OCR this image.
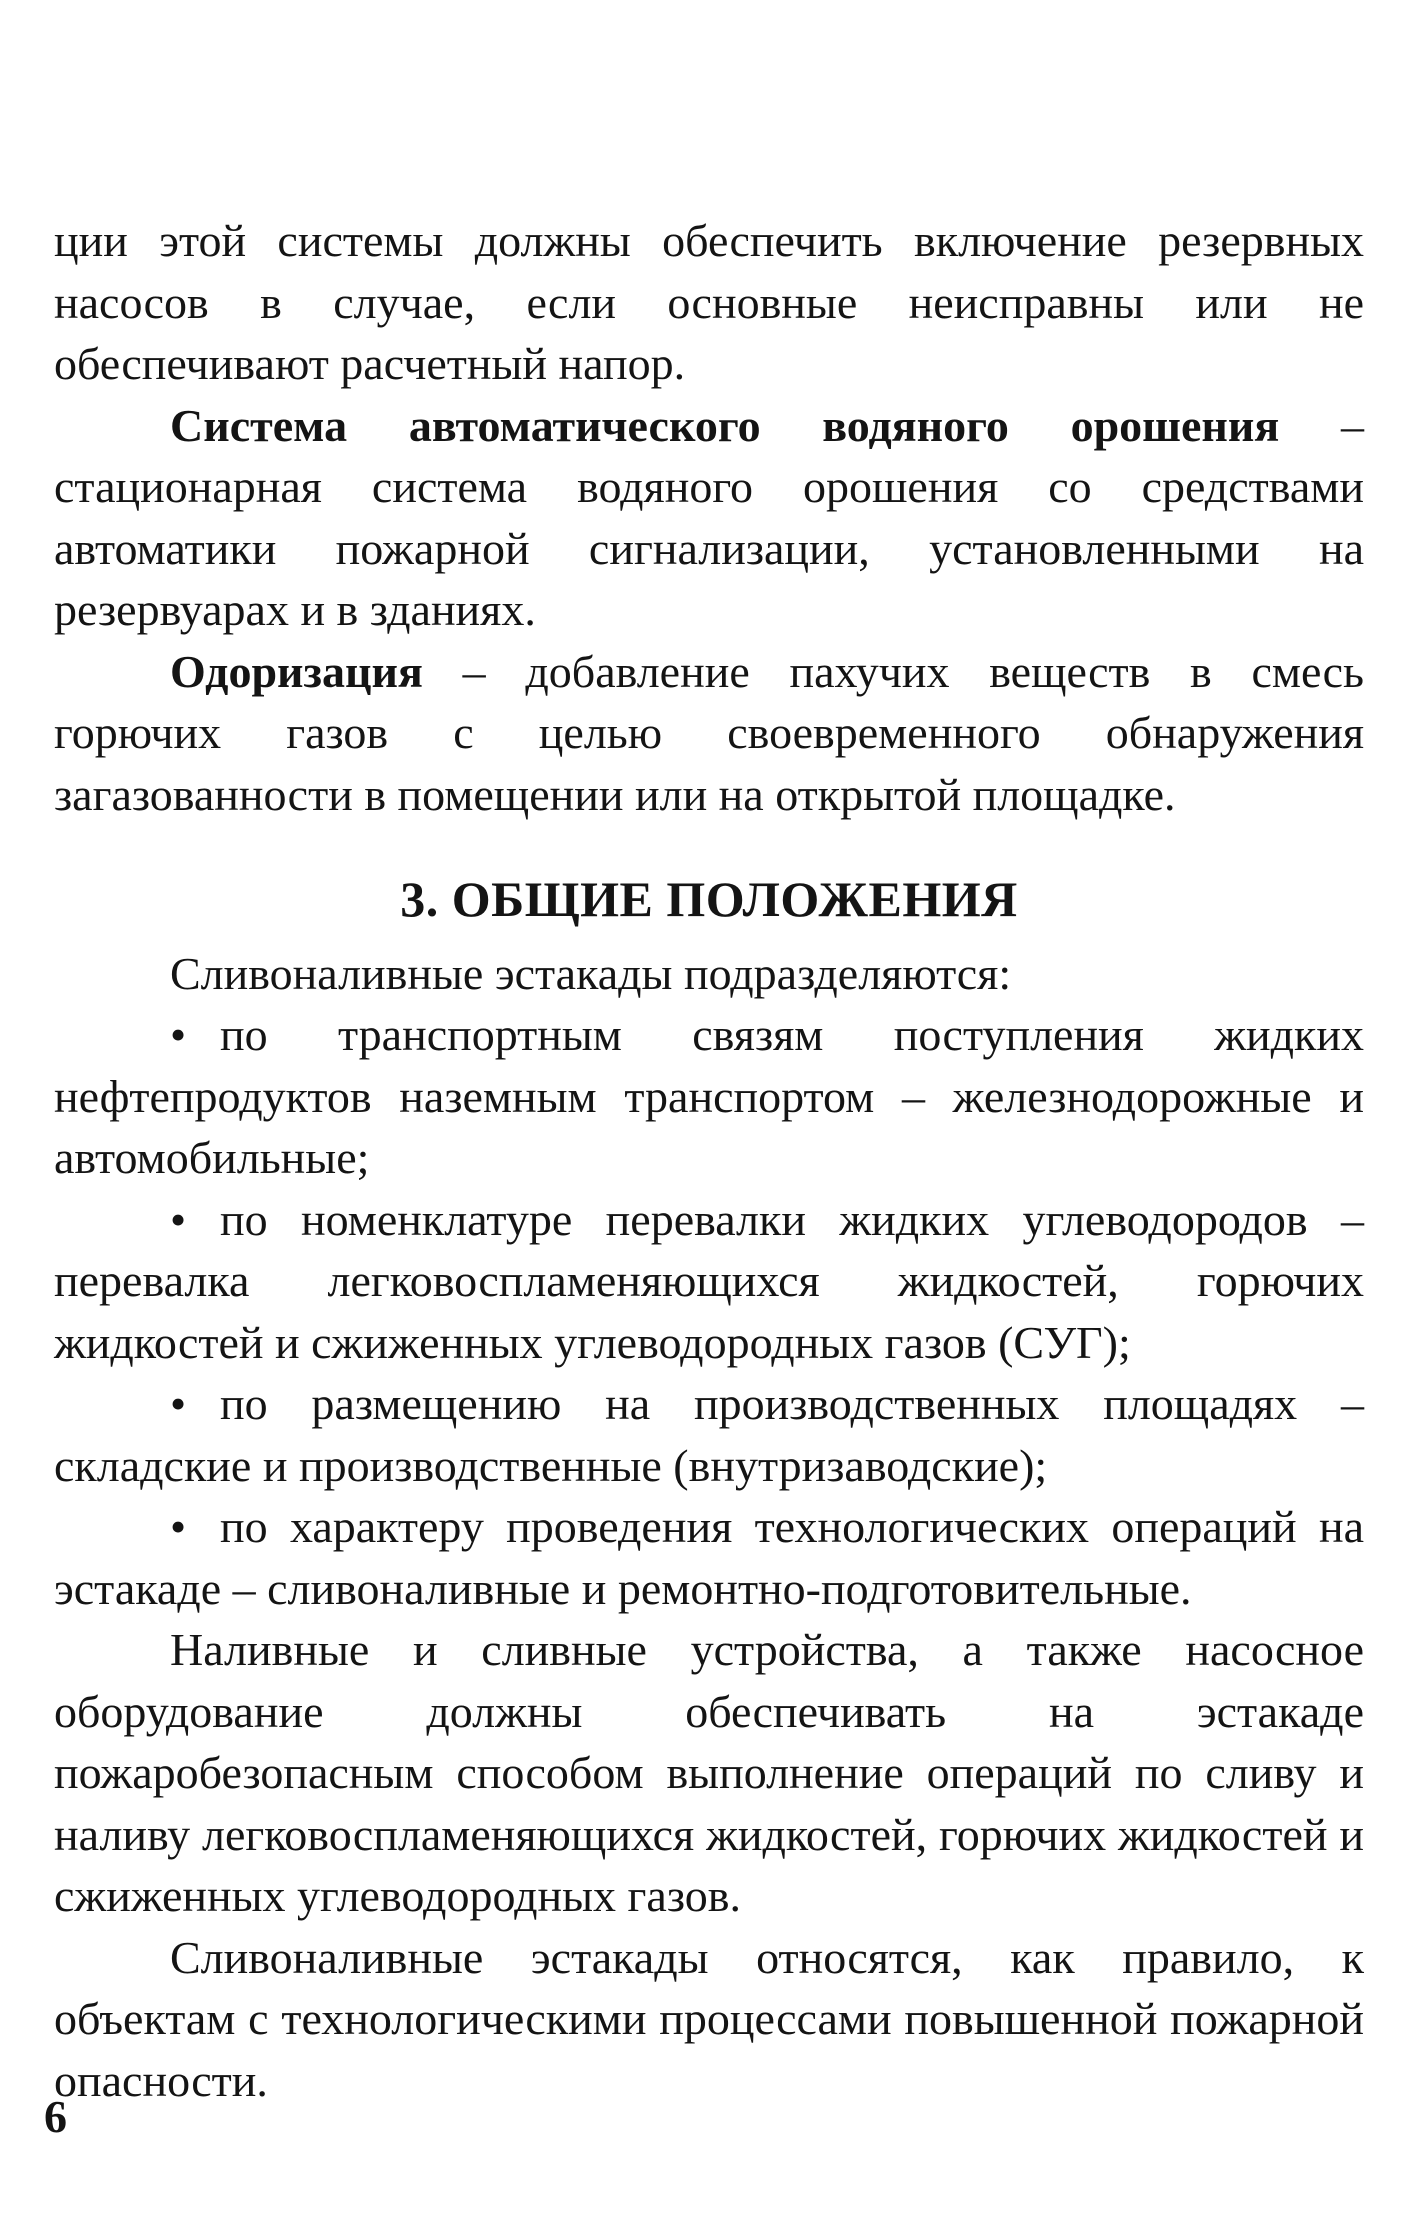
ции этой системы должны обеспечить включение резервных насосов в случае, если основные неисправны или не обеспечивают расчетный напор.

Система автоматического водяного орошения – стационарная система водяного орошения со средствами автоматики пожарной сигнализации, установленными на резервуарах и в зданиях.

Одоризация – добавление пахучих веществ в смесь горючих газов с целью своевременного обнаружения загазованности в помещении или на открытой площадке.

3. ОБЩИЕ ПОЛОЖЕНИЯ

Сливоналивные эстакады подразделяются:

• по транспортным связям поступления жидких нефтепродуктов наземным транспортом – железнодорожные и автомобильные;

• по номенклатуре перевалки жидких углеводородов – перевалка легковоспламеняющихся жидкостей, горючих жидкостей и сжиженных углеводородных газов (СУГ);

• по размещению на производственных площадях – складские и производственные (внутризаводские);

• по характеру проведения технологических операций на эстакаде – сливоналивные и ремонтно-подготовительные.

Наливные и сливные устройства, а также насосное оборудование должны обеспечивать на эстакаде пожаробезопасным способом выполнение операций по сливу и наливу легковоспламеняющихся жидкостей, горючих жидкостей и сжиженных углеводородных газов.

Сливоналивные эстакады относятся, как правило, к объектам с технологическими процессами повышенной пожарной опасности.

6
